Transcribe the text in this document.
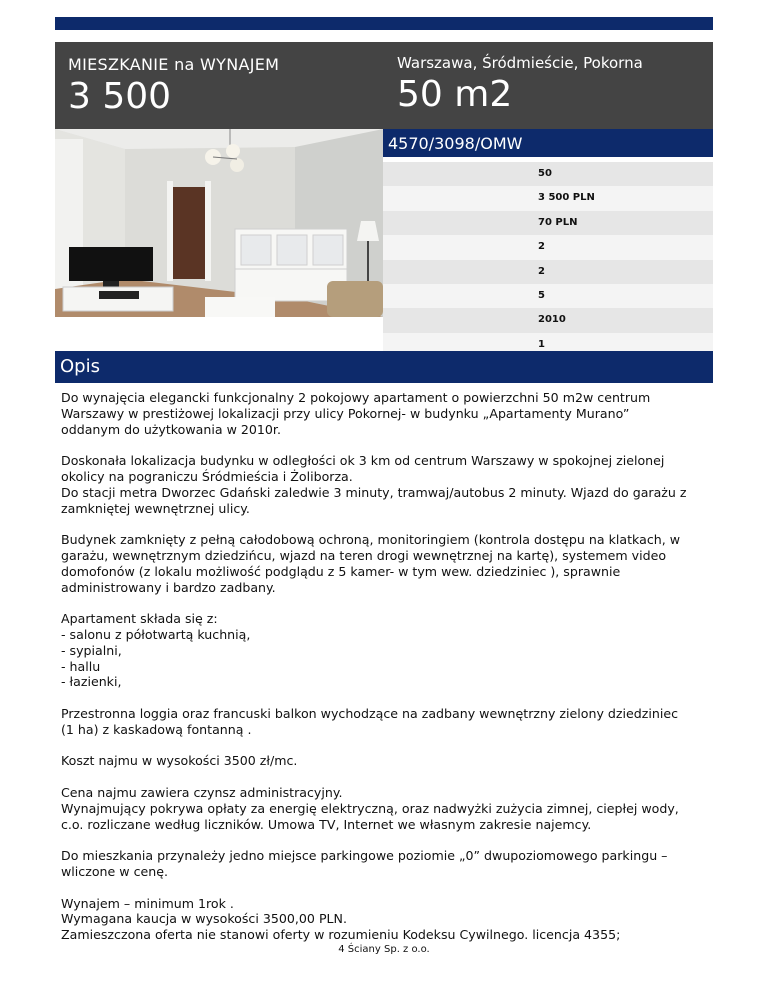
MIESZKANIE na WYNAJEM
3 500
Warszawa, Śródmieście, Pokorna
50 m2
4570/3098/OMW
50
3 500 PLN
70 PLN
2
2
5
2010
1
Opis

Do wynajęcia elegancki funkcjonalny 2 pokojowy apartament o powierzchni 50 m2w centrum
Warszawy w prestiżowej lokalizacji przy ulicy Pokornej- w budynku „Apartamenty Murano”
oddanym do użytkowania w 2010r.

Doskonała lokalizacja budynku w odległości ok 3 km od centrum Warszawy w spokojnej zielonej
okolicy na pograniczu Śródmieścia i Żoliborza.
Do stacji metra Dworzec Gdański zaledwie 3 minuty, tramwaj/autobus 2 minuty. Wjazd do garażu z
zamkniętej wewnętrznej ulicy.

Budynek zamknięty z pełną całodobową ochroną, monitoringiem (kontrola dostępu na klatkach, w
garażu, wewnętrznym dziedzińcu, wjazd na teren drogi wewnętrznej na kartę), systemem video
domofonów (z lokalu możliwość podglądu z 5 kamer- w tym wew. dziedziniec ), sprawnie
administrowany i bardzo zadbany.

Apartament składa się z:
- salonu z półotwartą kuchnią,
- sypialni,
- hallu
- łazienki,

Przestronna loggia oraz francuski balkon wychodzące na zadbany wewnętrzny zielony dziedziniec
(1 ha) z kaskadową fontanną .

Koszt najmu w wysokości 3500 zł/mc.

Cena najmu zawiera czynsz administracyjny.
Wynajmujący pokrywa opłaty za energię elektryczną, oraz nadwyżki zużycia zimnej, ciepłej wody,
c.o. rozliczane według liczników. Umowa TV, Internet we własnym zakresie najemcy.

Do mieszkania przynależy jedno miejsce parkingowe poziomie „0” dwupoziomowego parkingu –
wliczone w cenę.

Wynajem – minimum 1rok .
Wymagana kaucja w wysokości 3500,00 PLN.
Zamieszczona oferta nie stanowi oferty w rozumieniu Kodeksu Cywilnego. licencja 4355;

4 Ściany Sp. z o.o.
